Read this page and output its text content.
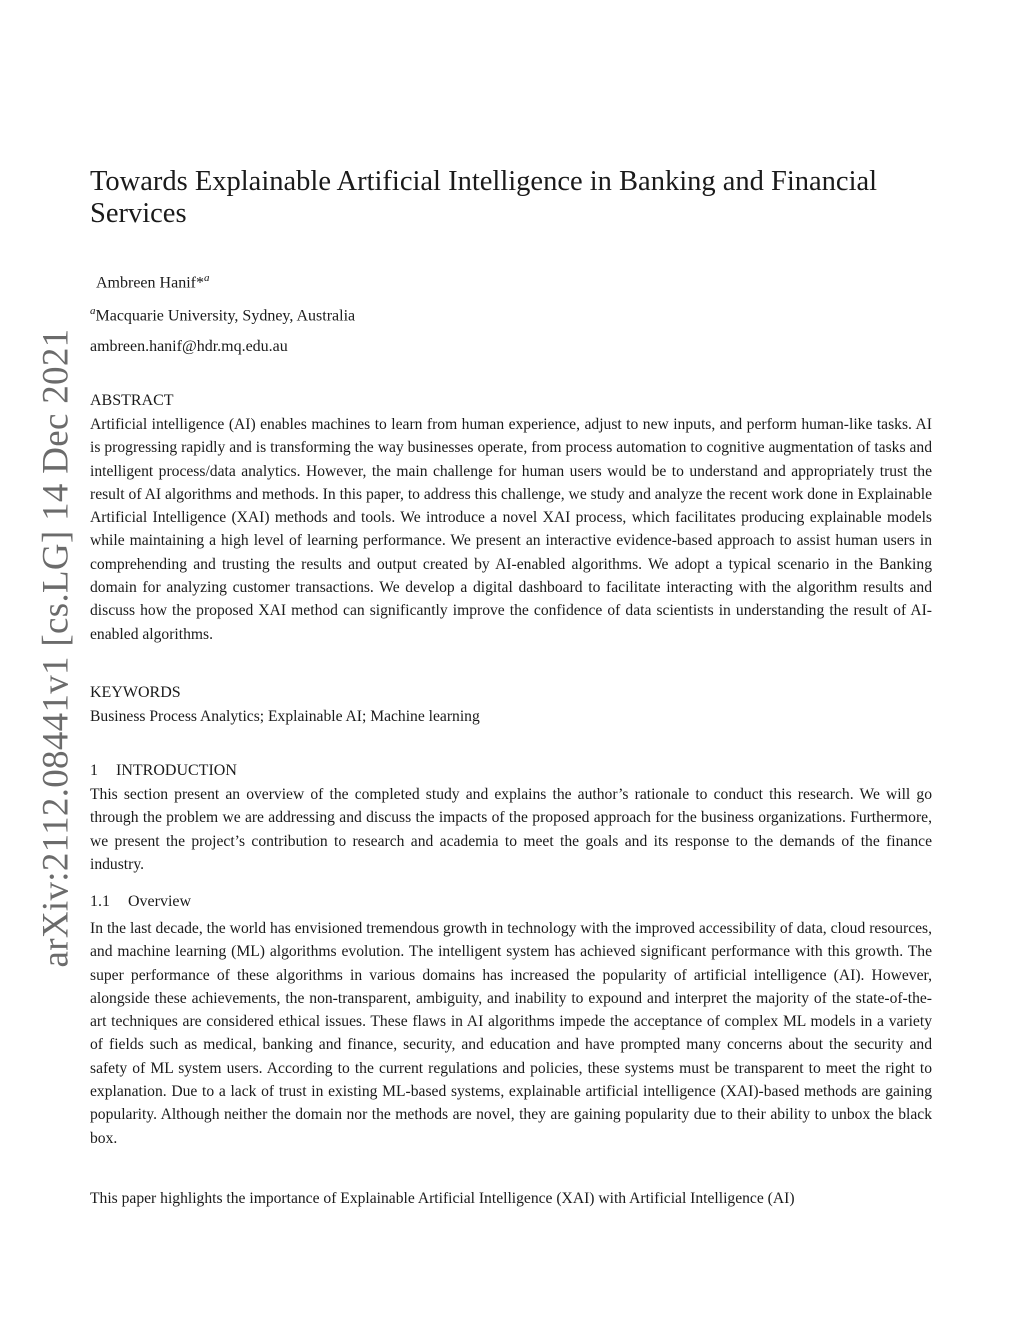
arXiv:2112.08441v1 [cs.LG] 14 Dec 2021
Towards Explainable Artificial Intelligence in Banking and Financial Services
Ambreen Hanif*$^a$
$^a$Macquarie University, Sydney, Australia
ambreen.hanif@hdr.mq.edu.au
ABSTRACT

Artificial intelligence (AI) enables machines to learn from human experience, adjust to new inputs, and perform human-like tasks. AI is progressing rapidly and is transforming the way businesses operate, from process automation to cognitive augmentation of tasks and intelligent process/data analytics. However, the main challenge for human users would be to understand and appropriately trust the result of AI algorithms and methods. In this paper, to address this challenge, we study and analyze the recent work done in Explainable Artificial Intelligence (XAI) methods and tools. We introduce a novel XAI process, which facilitates producing explainable models while maintaining a high level of learning performance. We present an interactive evidence-based approach to assist human users in comprehending and trusting the results and output created by AI-enabled algorithms. We adopt a typical scenario in the Banking domain for analyzing customer transactions. We develop a digital dashboard to facilitate interacting with the algorithm results and discuss how the proposed XAI method can significantly improve the confidence of data scientists in understanding the result of AI-enabled algorithms.

KEYWORDS

Business Process Analytics; Explainable AI; Machine learning

1 INTRODUCTION

This section present an overview of the completed study and explains the author’s rationale to conduct this research. We will go through the problem we are addressing and discuss the impacts of the proposed approach for the business organizations. Furthermore, we present the project’s contribution to research and academia to meet the goals and its response to the demands of the finance industry.

1.1 Overview

In the last decade, the world has envisioned tremendous growth in technology with the improved accessibility of data, cloud resources, and machine learning (ML) algorithms evolution. The intelligent system has achieved significant performance with this growth. The super performance of these algorithms in various domains has increased the popularity of artificial intelligence (AI). However, alongside these achievements, the non-transparent, ambiguity, and inability to expound and interpret the majority of the state-of-the-art techniques are considered ethical issues. These flaws in AI algorithms impede the acceptance of complex ML models in a variety of fields such as medical, banking and finance, security, and education and have prompted many concerns about the security and safety of ML system users. According to the current regulations and policies, these systems must be transparent to meet the right to explanation. Due to a lack of trust in existing ML-based systems, explainable artificial intelligence (XAI)-based methods are gaining popularity. Although neither the domain nor the methods are novel, they are gaining popularity due to their ability to unbox the black box.

This paper highlights the importance of Explainable Artificial Intelligence (XAI) with Artificial Intelligence (AI)
